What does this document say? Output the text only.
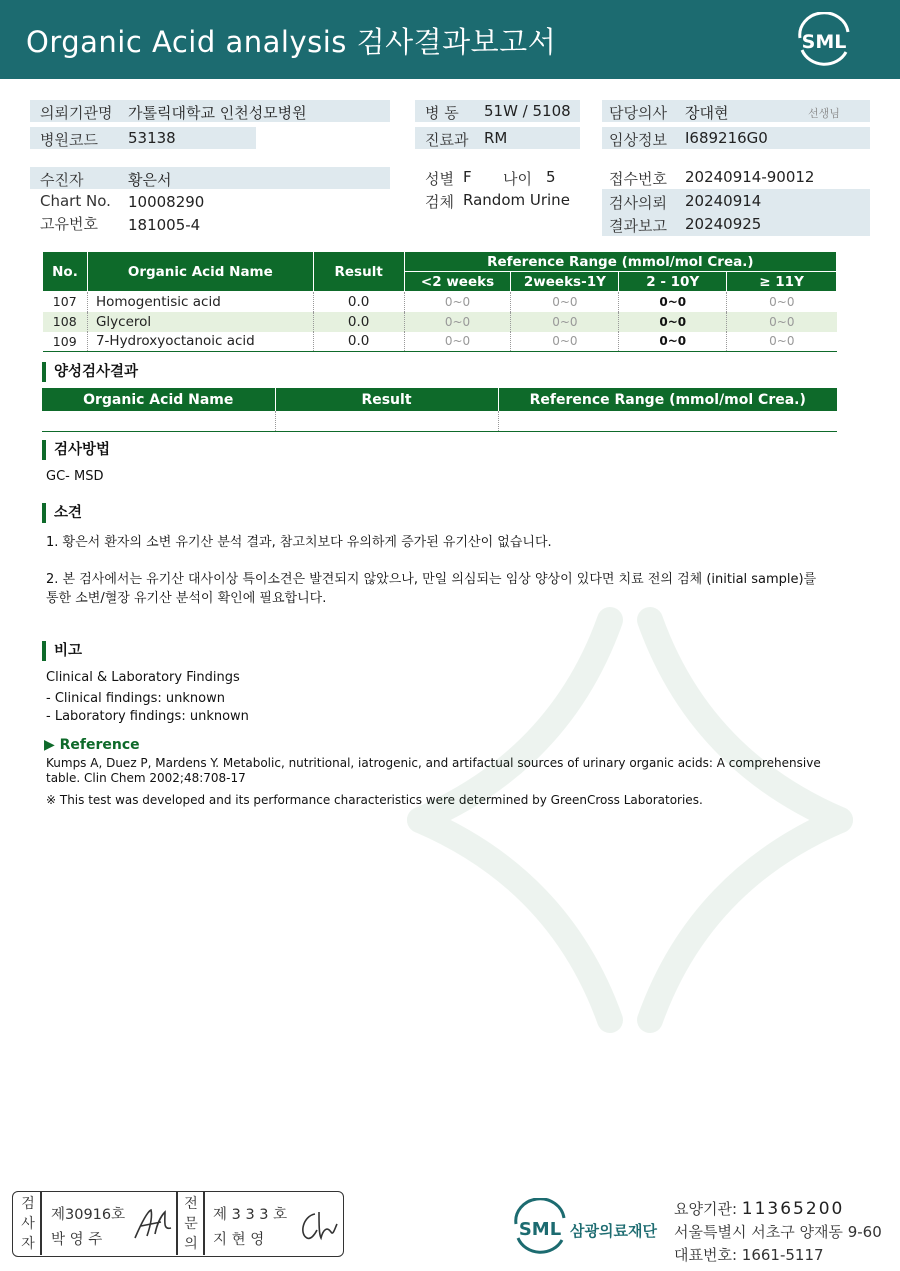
Organic Acid analysis 검사결과보고서	SML
의뢰기관명 가톨릭대학교 인천성모병원
병원코드 53138
병 동 51W / 5108
진료과 RM
담당의사 장대현	선생님
임상정보 I689216G0
수진자	황은서
Chart No. 10008290
고유번호 181005-4
성별 F 나이 5
검체 Random Urine
접수번호 20240914-90012
검사의뢰 20240914
결과보고 20240925
No.	Organic Acid Name	Result	Reference Range (mmol/mol Crea.)			
			<2 weeks	2weeks-1Y	2 - 10Y	≥ 11Y
107	Homogentisic acid	0.0	0~0	0~0	0~0	0~0
108	Glycerol	0.0	0~0	0~0	0~0	0~0
109	7-Hydroxyoctanoic acid	0.0	0~0	0~0	0~0	0~0
양성검사결과
Organic Acid Name	Result	Reference Range (mmol/mol Crea.)

검사방법
GC- MSD
소견
1. 황은서 환자의 소변 유기산 분석 결과, 참고치보다 유의하게 증가된 유기산이 없습니다.
2. 본 검사에서는 유기산 대사이상 특이소견은 발견되지 않았으나, 만일 의심되는 임상 양상이 있다면 치료 전의 검체 (initial sample)를
통한 소변/혈장 유기산 분석이 확인에 필요합니다.
비고
Clinical & Laboratory Findings
- Clinical findings: unknown
- Laboratory findings: unknown
▶ Reference
Kumps A, Duez P, Mardens Y. Metabolic, nutritional, iatrogenic, and artifactual sources of urinary organic acids: A comprehensive
table. Clin Chem 2002;48:708-17
※ This test was developed and its performance characteristics were determined by GreenCross Laboratories.
검사자
제30916호
박 영 주
전문의
제 3 3 3 호
지 현 영	SML 삼광의료재단
요양기관: 11365200
서울특별시 서초구 양재동 9-60
대표번호: 1661-5117
